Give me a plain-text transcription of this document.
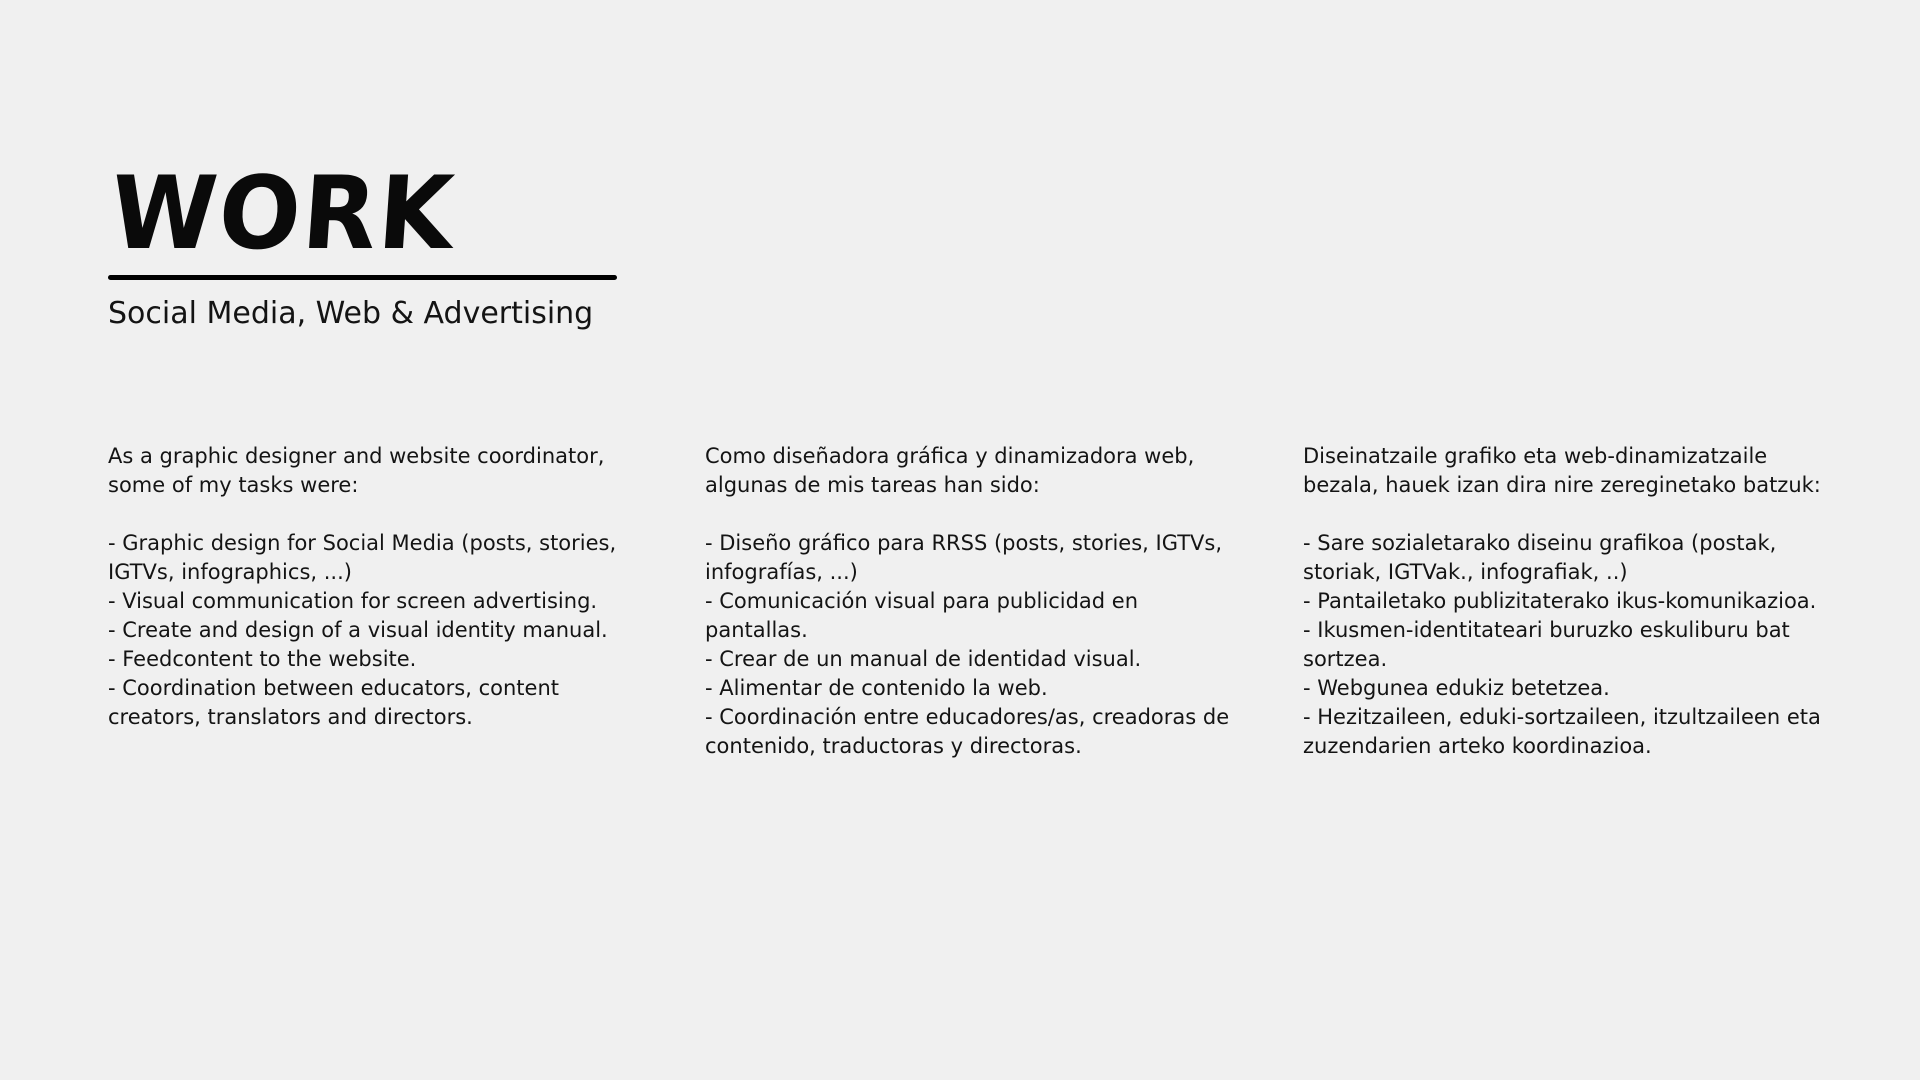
WORK
Social Media, Web & Advertising

As a graphic designer and website coordinator, some of my tasks were:

- Graphic design for Social Media (posts, stories, IGTVs, infographics, ...)
- Visual communication for screen advertising.
- Create and design of a visual identity manual.
- Feedcontent to the website.
- Coordination between educators, content creators, translators and directors.

Como diseñadora gráfica y dinamizadora web, algunas de mis tareas han sido:

- Diseño gráfico para RRSS (posts, stories, IGTVs, infografías, ...)
- Comunicación visual para publicidad en pantallas.
- Crear de un manual de identidad visual.
- Alimentar de contenido la web.
- Coordinación entre educadores/as, creadoras de contenido, traductoras y directoras.

Diseinatzaile grafiko eta web-dinamizatzaile bezala, hauek izan dira nire zereginetako batzuk:

- Sare sozialetarako diseinu grafikoa (postak, storiak, IGTVak., infografiak, ..)
- Pantailetako publizitaterako ikus-komunikazioa.
- Ikusmen-identitateari buruzko eskuliburu bat sortzea.
- Webgunea edukiz betetzea.
- Hezitzaileen, eduki-sortzaileen, itzultzaileen eta zuzendarien arteko koordinazioa.
